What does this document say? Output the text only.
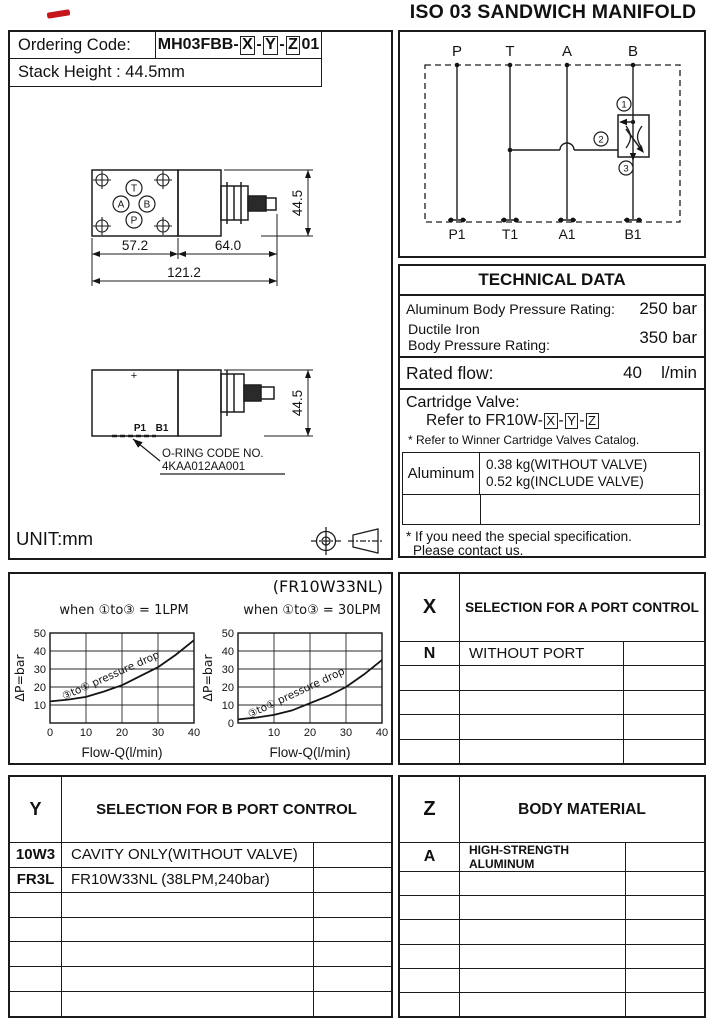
ISO 03 SANDWICH MANIFOLD
Ordering Code:	MH03FBB- X - Y - Z 01
Stack Height : 44.5mm
T
A B
P
57.2	64.0
121.2
44.5
+
P1 B1
O-RING CODE NO.
4KAA012AA001
44.5
UNIT:mm
P	T	A	B
1
2
3
P1	T1	A1	B1
TECHNICAL DATA
Aluminum Body Pressure Rating: 250 bar
Ductile Iron
Body Pressure Rating:	350 bar
Rated flow:	40 l/min
Cartridge Valve:
Refer to FR10W- X - Y - Z
* Refer to Winner Cartridge Valves Catalog.
Aluminum
0.38 kg(WITHOUT VALVE)
0.52 kg(INCLUDE VALVE)
* If you need the special specification.
Please contact us.
(FR10W33NL)
when ①to③ = 1LPM
50
40
30
20
10
0 10 20 30 40
ΔP=bar
Flow-Q(l/min)
③to① pressure drop
when ①to③ = 30LPM
50
40
30
20
10
0
10 20 30 40
ΔP=bar
Flow-Q(l/min)
③to① pressure drop
X	SELECTION FOR A PORT CONTROL
N	WITHOUT PORT
Y	SELECTION FOR B PORT CONTROL
10W3	CAVITY ONLY(WITHOUT VALVE)
FR3L	FR10W33NL (38LPM,240bar)
Z	BODY MATERIAL
A	HIGH-STRENGTH ALUMINUM
